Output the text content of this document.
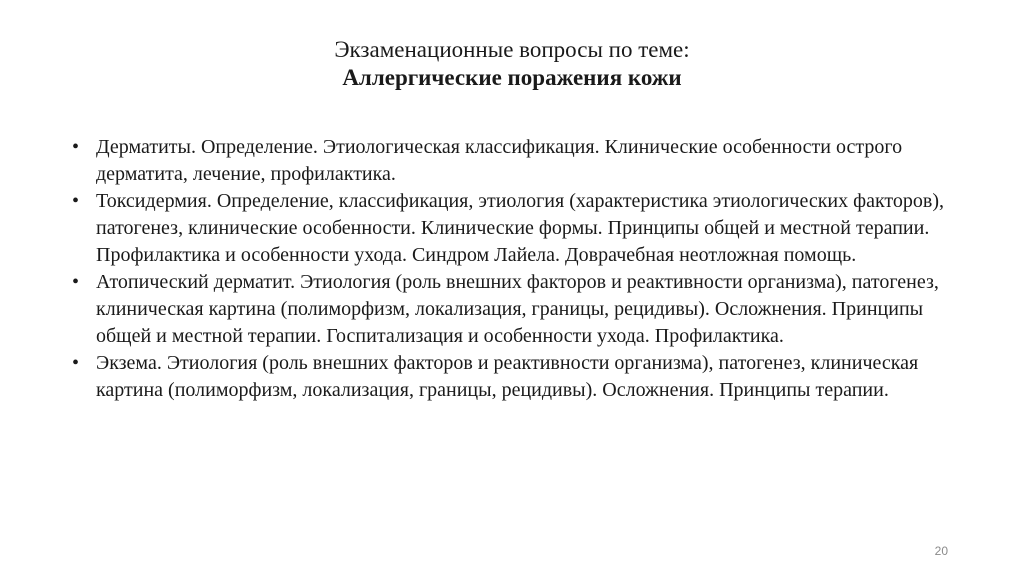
Экзаменационные вопросы по теме:

Аллергические поражения кожи

• Дерматиты. Определение. Этиологическая классификация. Клинические особенности острого дерматита, лечение, профилактика.
• Токсидермия. Определение, классификация, этиология (характеристика этиологических факторов), патогенез, клинические особенности. Клинические формы. Принципы общей и местной терапии. Профилактика и особенности ухода. Синдром Лайела. Доврачебная неотложная помощь.
• Атопический дерматит. Этиология (роль внешних факторов и реактивности организма), патогенез, клиническая картина (полиморфизм, локализация, границы, рецидивы). Осложнения. Принципы общей и местной терапии. Госпитализация и особенности ухода. Профилактика.
• Экзема. Этиология (роль внешних факторов и реактивности организма), патогенез, клиническая картина (полиморфизм, локализация, границы, рецидивы). Осложнения. Принципы терапии.
20
